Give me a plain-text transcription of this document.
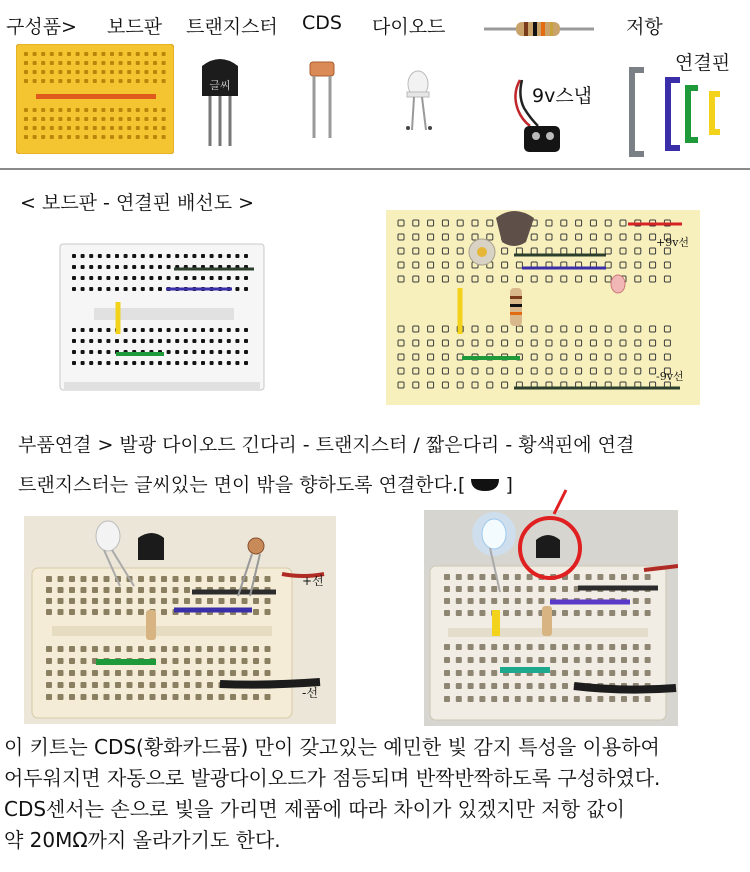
구성품> 보드판 트랜지스터 CDS 다이오드	저항
연결핀
9v스냅
글씨
< 보드판 - 연결핀 배선도 >
+9v선
-9v선
부품연결 > 발광 다이오드 긴다리 - 트랜지스터 / 짧은다리 - 황색핀에 연결
트랜지스터는 글씨있는 면이 밖을 향하도록 연결한다.[ ]
+선
-선
이 키트는 CDS(황화카드뮴) 만이 갖고있는 예민한 빛 감지 특성을 이용하여
어두워지면 자동으로 발광다이오드가 점등되며 반짝반짝하도록 구성하였다.
CDS센서는 손으로 빛을 가리면 제품에 따라 차이가 있겠지만 저항 값이
약 20MΩ까지 올라가기도 한다.
